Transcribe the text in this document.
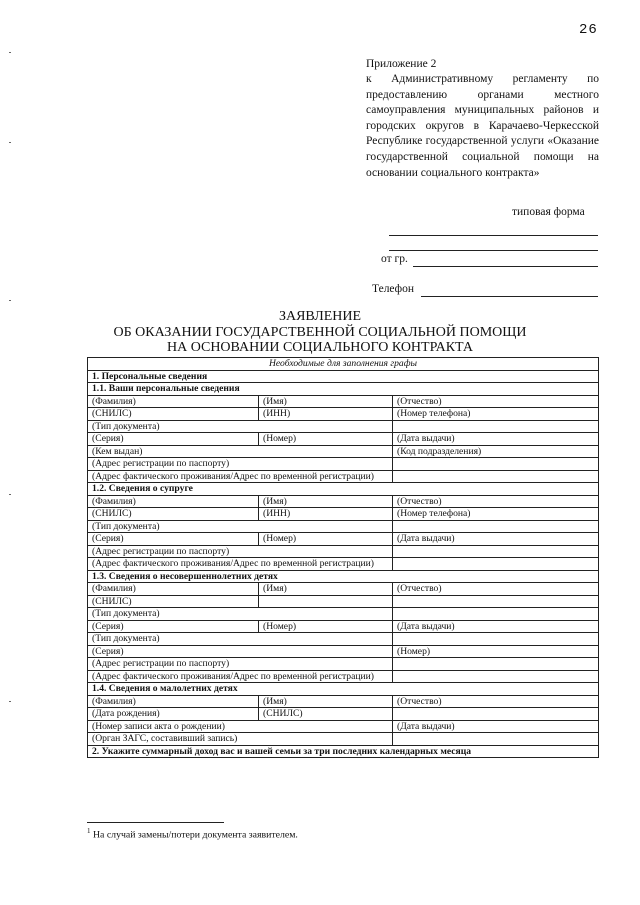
26
Приложение 2
к Административному регламенту по предоставлению органами местного самоуправления муниципальных районов и городских округов в Карачаево-Черкесской Республике государственной услуги «Оказание государственной социальной помощи на основании социального контракта»
типовая форма
от гр.
Телефон
ЗАЯВЛЕНИЕ
ОБ ОКАЗАНИИ ГОСУДАРСТВЕННОЙ СОЦИАЛЬНОЙ ПОМОЩИ
НА ОСНОВАНИИ СОЦИАЛЬНОГО КОНТРАКТА
Необходимые для заполнения графы		
1. Персональные сведения		
1.1. Ваши персональные сведения		
(Фамилия)	(Имя)	(Отчество)
(СНИЛС)	(ИНН)	(Номер телефона)
(Тип документа)		
(Серия)	(Номер)	(Дата выдачи)
(Кем выдан)		(Код подразделения)
(Адрес регистрации по паспорту)		
(Адрес фактического проживания/Адрес по временной регистрации)		
1.2. Сведения о супруге		
(Фамилия)	(Имя)	(Отчество)
(СНИЛС)	(ИНН)	(Номер телефона)
(Тип документа)		
(Серия)	(Номер)	(Дата выдачи)
(Адрес регистрации по паспорту)		
(Адрес фактического проживания/Адрес по временной регистрации)		
1.3. Сведения о несовершеннолетних детях		
(Фамилия)	(Имя)	(Отчество)
(СНИЛС)		
(Тип документа)		
(Серия)	(Номер)	(Дата выдачи)
(Тип документа)		
(Серия)		(Номер)
(Адрес регистрации по паспорту)		
(Адрес фактического проживания/Адрес по временной регистрации)		
1.4. Сведения о малолетних детях		
(Фамилия)	(Имя)	(Отчество)
(Дата рождения)	(СНИЛС)	
(Номер записи акта о рождении)		(Дата выдачи)
(Орган ЗАГС, составивший запись)		
2. Укажите суммарный доход вас и вашей семьи за три последних календарных месяца		
$^1$ На случай замены/потери документа заявителем.
